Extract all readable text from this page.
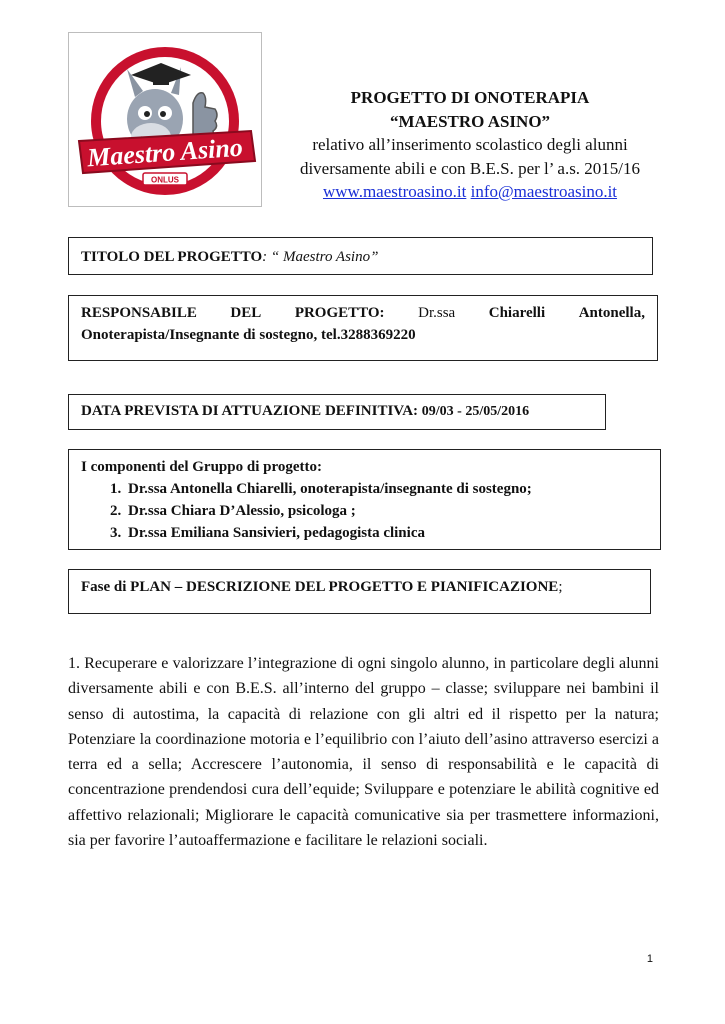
Maestro Asino
ONLUS
PROGETTO DI ONOTERAPIA
“MAESTRO ASINO”
relativo all’inserimento scolastico degli alunni
diversamente abili e con B.E.S. per l’ a.s. 2015/16
www.maestroasino.it info@maestroasino.it
TITOLO DEL PROGETTO: “ Maestro Asino”
RESPONSABILE DEL PROGETTO: Dr.ssa Chiarelli Antonella,
Onoterapista/Insegnante di sostegno, tel.3288369220
DATA PREVISTA DI ATTUAZIONE DEFINITIVA: 09/03 - 25/05/2016
I componenti del Gruppo di progetto:
1. Dr.ssa Antonella Chiarelli, onoterapista/insegnante di sostegno;
2. Dr.ssa Chiara D’Alessio, psicologa ;
3. Dr.ssa Emiliana Sansivieri, pedagogista clinica
Fase di PLAN – DESCRIZIONE DEL PROGETTO E PIANIFICAZIONE;
1. Recuperare e valorizzare l’integrazione di ogni singolo alunno, in particolare degli alunni diversamente abili e con B.E.S. all’interno del gruppo – classe; sviluppare nei bambini il senso di autostima, la capacità di relazione con gli altri ed il rispetto per la natura; Potenziare la coordinazione motoria e l’equilibrio con l’aiuto dell’asino attraverso esercizi a terra ed a sella; Accrescere l’autonomia, il senso di responsabilità e le capacità di concentrazione prendendosi cura dell’equide; Sviluppare e potenziare le abilità cognitive ed affettivo relazionali; Migliorare le capacità comunicative sia per trasmettere informazioni, sia per favorire l’autoaffermazione e facilitare le relazioni sociali.
1
